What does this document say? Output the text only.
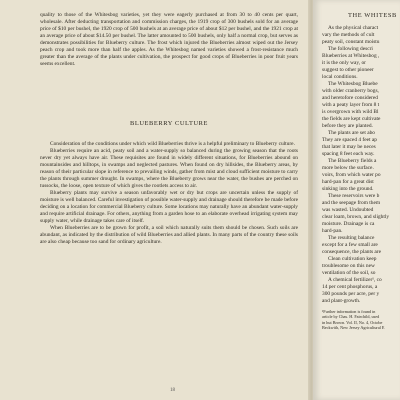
quality to those of the Whitesbog varieties, yet they were eagerly purchased at from 30 to 40 cents per quart, wholesale. After deducting transportation and commission charges, the 1919 crop of 300 bushels sold for an average price of $10 per bushel, the 1920 crop of 500 bushels at an average price of about $12 per bushel, and the 1921 crop at an average price of about $14.50 per bushel. The latter amounted to 500 bushels, only half a normal crop, but serves as demonstrates possibilities for Blueberry culture. The frost which injured the Blueberries almost wiped out the Jersey peach crop and took more than half the apples. As the Whitesbog named varieties showed a frost-resistance much greater than the average of the plants under cultivation, the prospect for good crops of Blueberries in poor fruit years seems excellent.

BLUEBERRY CULTURE

Consideration of the conditions under which wild Blueberries thrive is a helpful preliminary to Blueberry culture.

Blueberries require an acid, peaty soil and a water-supply so balanced during the growing season that the roots never dry yet always have air. These requisites are found in widely different situations, for Blueberries abound on mountainsides and hilltops, in swamps and neglected pastures. When found on dry hillsides, the Blueberry areas, by reason of their particular slope in reference to prevailing winds, gather from mist and cloud sufficient moisture to carry the plants through summer drought. In swamps, where the Blueberry grows near the water, the bushes are perched on tussocks, the loose, open texture of which gives the rootlets access to air.

Blueberry plants may survive a season unfavorably wet or dry but crops are uncertain unless the supply of moisture is well balanced. Careful investigation of possible water-supply and drainage should therefore be made before deciding on a location for commercial Blueberry culture. Some locations may naturally have an abundant water-supply and require artificial drainage. For others, anything from a garden hose to an elaborate overhead irrigating system may supply water, while drainage takes care of itself.

When Blueberries are to be grown for profit, a soil which naturally suits them should be chosen. Such soils are abundant, as indicated by the distribution of wild Blueberries and allied plants. In many parts of the country these soils are also cheap because too sand for ordinary agriculture.

18
THE WHITESB
As the physical charact
vary the methods of cult
peaty soil, constant moistu
The following descri
Blueberries at Whitesbog ,
it is the only way, or
suggest to other pioneer
local conditions.
The Whitesbog Bluebe
with older cranberry bogs,
and heretofore considered
with a peaty layer from 8 t
is overgrown with wild Bl
the fields are kept cultivate
before they are planted.
The plants are set abo
They are spaced 4 feet ap
that later it may be neces
spacing 8 feet each way.
The Blueberry fields a
more below the surface.
voirs, from which water po
hard-pan for a great dist
sinking into the ground.
These reservoirs were b
and the seepage from them
was wasted. Undoubted
clear loam, brown, and slightly
moisture. Drainage is ca
hard-pan.
The resulting balance
except for a few small are
consequence, the plants are
Clean cultivation keep
troublesome on this new
ventilation of the soil, so
A chemical fertilizer¹, co
14 per cent phosphorus, a
300 pounds per acre, per y
and plant-growth.
¹Further information is found in
article by Chas. H. Fairchild, used
in hut Brown. Vol. II, No. 4, Octobe
Beckwith, New Jersey Agricultural E
